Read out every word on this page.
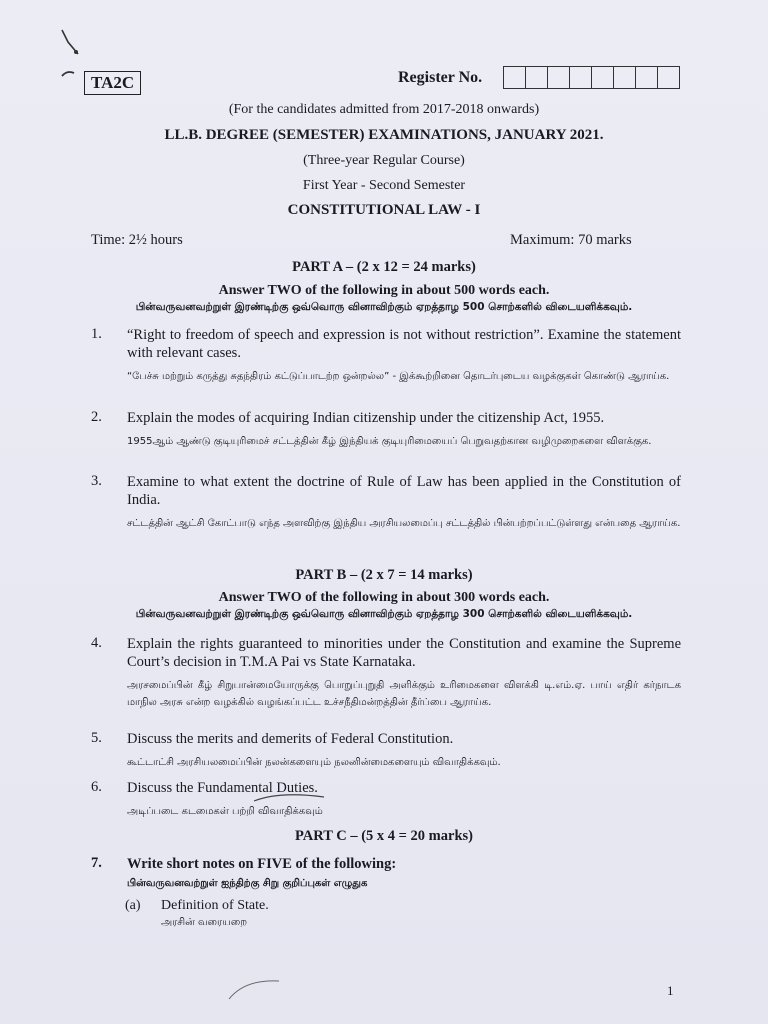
TA2C	Register No.
(For the candidates admitted from 2017-2018 onwards)
LL.B. DEGREE (SEMESTER) EXAMINATIONS, JANUARY 2021.
(Three-year Regular Course)
First Year - Second Semester
CONSTITUTIONAL LAW - I
Time: 2½ hours	Maximum: 70 marks
PART A – (2 x 12 = 24 marks)
Answer TWO of the following in about 500 words each.
பின்வருவனவற்றுள் இரண்டிற்கு ஒவ்வொரு வினாவிற்கும் ஏறத்தாழ 500 சொற்களில் விடையளிக்கவும்.
1. “Right to freedom of speech and expression is not without restriction”. Examine the statement with relevant cases.
“பேச்சு மற்றும் கருத்து சுதந்திரம் கட்டுப்பாடற்ற ஒன்றல்ல” - இக்கூற்றினை தொடர்புடைய வழக்குகள் கொண்டு ஆராய்க.
2. Explain the modes of acquiring Indian citizenship under the citizenship Act, 1955.
1955ஆம் ஆண்டு குடியுரிமைச் சட்டத்தின் கீழ் இந்தியக் குடியுரிமையைப் பெறுவதற்கான வழிமுறைகளை விளக்குக.
3. Examine to what extent the doctrine of Rule of Law has been applied in the Constitution of India.
சட்டத்தின் ஆட்சி கோட்பாடு எந்த அளவிற்கு இந்திய அரசியலமைப்பு சட்டத்தில் பின்பற்றப்பட்டுள்ளது என்பதை ஆராய்க.
PART B – (2 x 7 = 14 marks)
Answer TWO of the following in about 300 words each.
பின்வருவனவற்றுள் இரண்டிற்கு ஒவ்வொரு வினாவிற்கும் ஏறத்தாழ 300 சொற்களில் விடையளிக்கவும்.
4. Explain the rights guaranteed to minorities under the Constitution and examine the Supreme Court’s decision in T.M.A Pai vs State Karnataka.
அரசமைப்பின் கீழ் சிறுபான்மையோருக்கு பொறுப்புறுதி அளிக்கும் உரிமைகளை விளக்கி டி.எம்.ஏ. பாய் எதிர் கர்நாடக மாநில அரசு என்ற வழக்கில் வழங்கப்பட்ட உச்சநீதிமன்றத்தின் தீர்ப்பை ஆராய்க.
5. Discuss the merits and demerits of Federal Constitution.
கூட்டாட்சி அரசியலமைப்பின் நலன்களையும் நலனின்மைகளையும் விவாதிக்கவும்.
6. Discuss the Fundamental Duties.
அடிப்படை கடமைகள் பற்றி விவாதிக்கவும்
PART C – (5 x 4 = 20 marks)
7. Write short notes on FIVE of the following:
பின்வருவனவற்றுள் ஐந்திற்கு சிறு குறிப்புகள் எழுதுக
(a) Definition of State.
அரசின் வரையறை
1
